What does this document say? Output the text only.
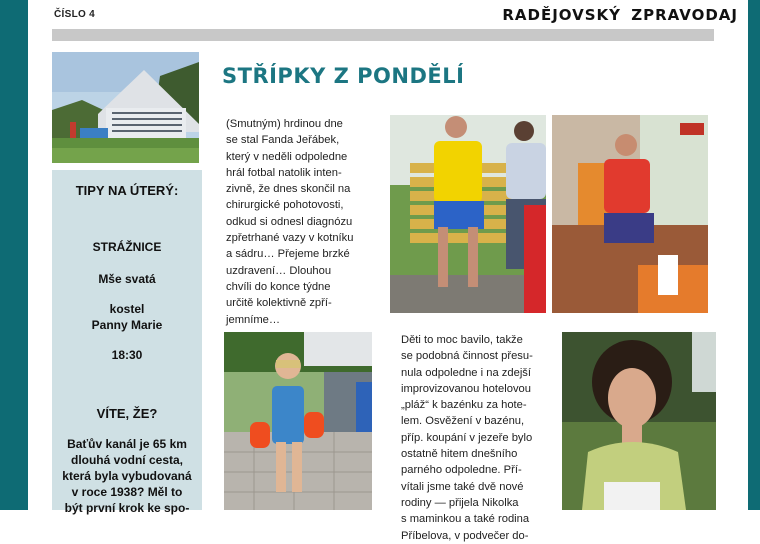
ČÍSLO 4	RADĚJOVSKÝ ZPRAVODAJ
TIPY NA ÚTERÝ:
STRÁŽNICE
Mše svatá
kostel
Panny Marie
18:30
VÍTE, ŽE?
Baťův kanál je 65 km
dlouhá vodní cesta,
která byla vybudovaná
v roce 1938? Měl to
být první krok ke spo-
STŘÍPKY Z PONDĚLÍ
(Smutným) hrdinou dne
se stal Fanda Jeřábek,
který v neděli odpoledne
hrál fotbal natolik inten-
zivně, že dnes skončil na
chirurgické pohotovosti,
odkud si odnesl diagnózu
zpřetrhané vazy v kotníku
a sádru… Přejeme brzké
uzdravení… Dlouhou
chvíli do konce týdne
určitě kolektivně zpří-
jemníme…
Děti to moc bavilo, takže
se podobná činnost přesu-
nula odpoledne i na zdejší
improvizovanou hotelovou
„pláž“ k bazénku za hote-
lem. Osvěžení v bazénu,
příp. koupání v jezeře bylo
ostatně hitem dnešního
parného odpoledne. Pří-
vítali jsme také dvě nové
rodiny — přijela Nikolka
s maminkou a také rodina
Příbelova, v podvečer do-
